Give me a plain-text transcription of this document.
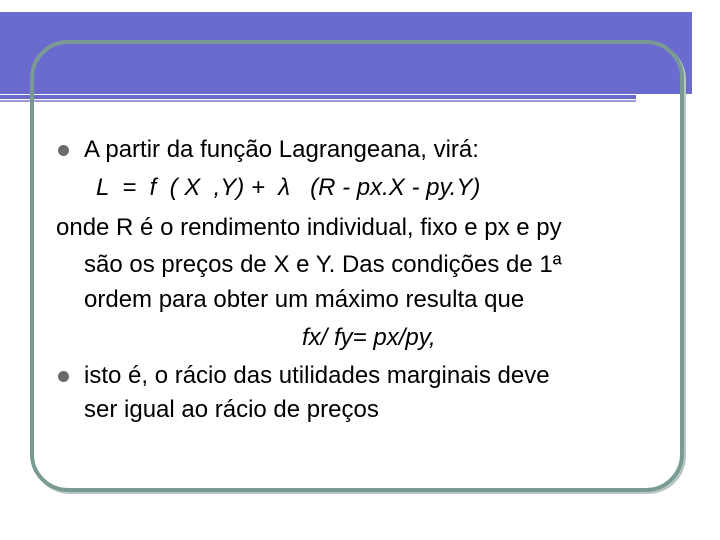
A partir da função Lagrangeana, virá:
L  =  f  ( X  ,Y) +  λ   (R - px.X - py.Y)
onde R é o rendimento individual, fixo e px e py
são os preços de X e Y. Das condições de 1ª
ordem para obter um máximo resulta que
fx/ fy= px/py,
isto é, o rácio das utilidades marginais deve
ser igual ao rácio de preços
